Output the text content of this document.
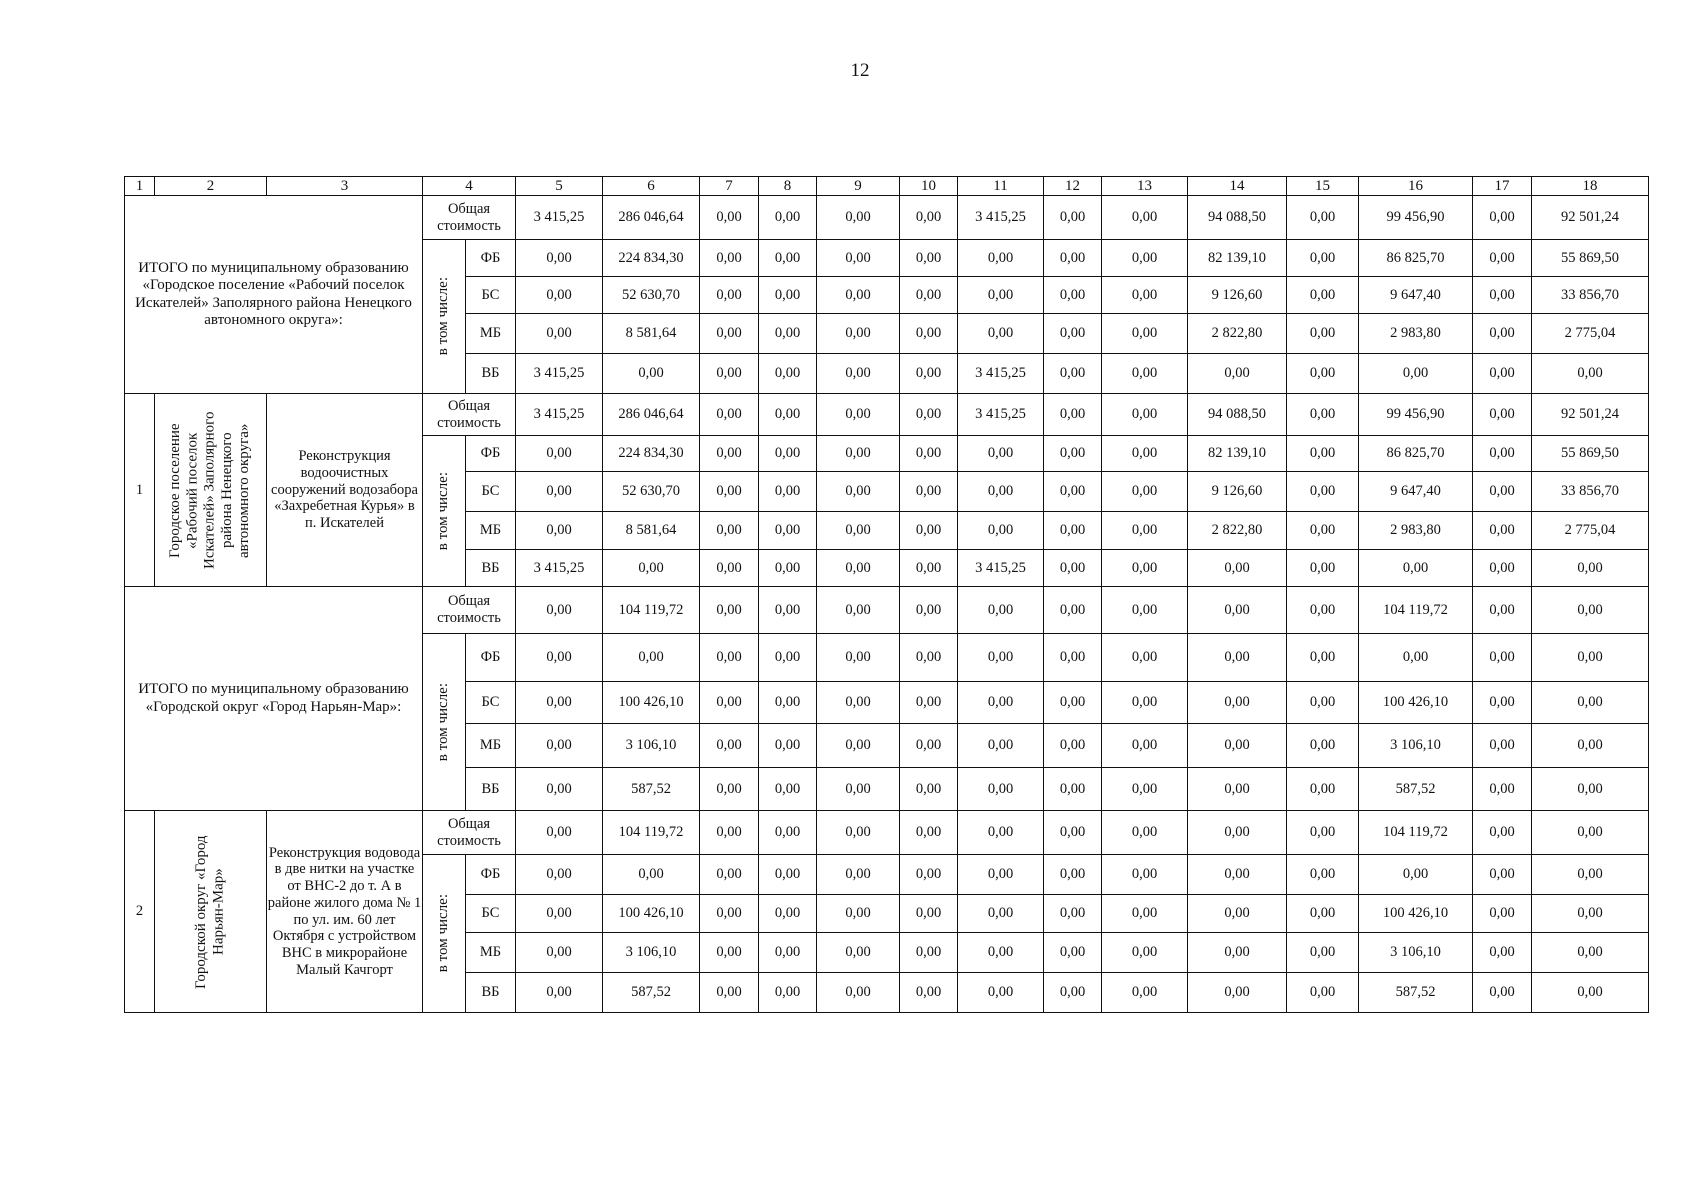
12
1	2	3	4		5	6	7	8	9	10	11	12	13	14	15	16	17	18
ИТОГО по муниципальному образованию «Городское поселение «Рабочий поселок Искателей» Заполярного района Ненецкого автономного округа»:			Общая стоимость		3 415,25	286 046,64	0,00	0,00	0,00	0,00	3 415,25	0,00	0,00	94 088,50	0,00	99 456,90	0,00	92 501,24

			в том числе:	ФБ	0,00	224 834,30	0,00	0,00	0,00	0,00	0,00	0,00	0,00	82 139,10	0,00	86 825,70	0,00	55 869,50
				БС	0,00	52 630,70	0,00	0,00	0,00	0,00	0,00	0,00	0,00	9 126,60	0,00	9 647,40	0,00	33 856,70
				МБ	0,00	8 581,64	0,00	0,00	0,00	0,00	0,00	0,00	0,00	2 822,80	0,00	2 983,80	0,00	2 775,04
				ВБ	3 415,25	0,00	0,00	0,00	0,00	0,00	3 415,25	0,00	0,00	0,00	0,00	0,00	0,00	0,00
1	Городское поселение «Рабочий поселок Искателей» Заполярного района Ненецкого автономного округа»	Реконструкция водоочистных сооружений водозабора «Захребетная Курья» в п. Искателей	Общая стоимость		3 415,25	286 046,64	0,00	0,00	0,00	0,00	3 415,25	0,00	0,00	94 088,50	0,00	99 456,90	0,00	92 501,24

			в том числе:	ФБ	0,00	224 834,30	0,00	0,00	0,00	0,00	0,00	0,00	0,00	82 139,10	0,00	86 825,70	0,00	55 869,50
				БС	0,00	52 630,70	0,00	0,00	0,00	0,00	0,00	0,00	0,00	9 126,60	0,00	9 647,40	0,00	33 856,70
				МБ	0,00	8 581,64	0,00	0,00	0,00	0,00	0,00	0,00	0,00	2 822,80	0,00	2 983,80	0,00	2 775,04
				ВБ	3 415,25	0,00	0,00	0,00	0,00	0,00	3 415,25	0,00	0,00	0,00	0,00	0,00	0,00	0,00
ИТОГО по муниципальному образованию «Городской округ «Город Нарьян-Мар»:			Общая стоимость		0,00	104 119,72	0,00	0,00	0,00	0,00	0,00	0,00	0,00	0,00	0,00	104 119,72	0,00	0,00

			в том числе:	ФБ	0,00	0,00	0,00	0,00	0,00	0,00	0,00	0,00	0,00	0,00	0,00	0,00	0,00	0,00
				БС	0,00	100 426,10	0,00	0,00	0,00	0,00	0,00	0,00	0,00	0,00	0,00	100 426,10	0,00	0,00
				МБ	0,00	3 106,10	0,00	0,00	0,00	0,00	0,00	0,00	0,00	0,00	0,00	3 106,10	0,00	0,00
				ВБ	0,00	587,52	0,00	0,00	0,00	0,00	0,00	0,00	0,00	0,00	0,00	587,52	0,00	0,00
2	Городской округ «Город Нарьян-Мар»	Реконструкция водовода в две нитки на участке от ВНС-2 до т. А в районе жилого дома № 1 по ул. им. 60 лет Октября с устройством ВНС в микрорайоне Малый Качгорт	Общая стоимость		0,00	104 119,72	0,00	0,00	0,00	0,00	0,00	0,00	0,00	0,00	0,00	104 119,72	0,00	0,00

			в том числе:	ФБ	0,00	0,00	0,00	0,00	0,00	0,00	0,00	0,00	0,00	0,00	0,00	0,00	0,00	0,00
				БС	0,00	100 426,10	0,00	0,00	0,00	0,00	0,00	0,00	0,00	0,00	0,00	100 426,10	0,00	0,00
				МБ	0,00	3 106,10	0,00	0,00	0,00	0,00	0,00	0,00	0,00	0,00	0,00	3 106,10	0,00	0,00
				ВБ	0,00	587,52	0,00	0,00	0,00	0,00	0,00	0,00	0,00	0,00	0,00	587,52	0,00	0,00
